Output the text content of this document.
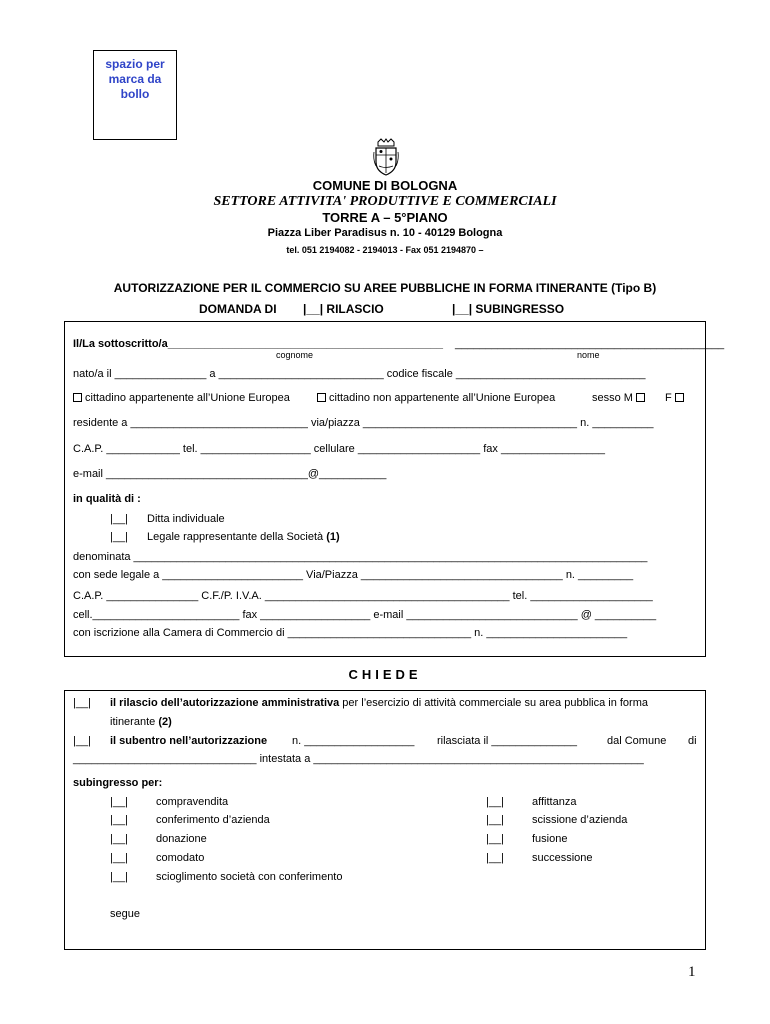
spazio per
marca da
bollo
COMUNE DI BOLOGNA
SETTORE ATTIVITA' PRODUTTIVE E COMMERCIALI
TORRE A – 5°PIANO
Piazza Liber Paradisus n. 10 - 40129 Bologna
tel. 051 2194082 - 2194013 - Fax 051 2194870 –
AUTORIZZAZIONE PER IL COMMERCIO SU AREE PUBBLICHE IN FORMA ITINERANTE (Tipo B)
DOMANDA DI |__| RILASCIO	|__| SUBINGRESSO
Il/La sottoscritto/a_____________________________________________ ____________________________________________
cognome	nome
nato/a il _______________ a ___________________________ codice fiscale _______________________________
cittadino appartenente all’Unione Europea	cittadino non appartenente all’Unione Europea	sesso M	F
residente a _____________________________ via/piazza ___________________________________ n. __________
C.A.P. ____________ tel. __________________ cellulare ____________________ fax _________________
e-mail _________________________________@___________
in qualità di :
|__| Ditta individuale
|__| Legale rappresentante della Società (1)
denominata ____________________________________________________________________________________
con sede legale a _______________________ Via/Piazza _________________________________ n. _________
C.A.P. _______________ C.F./P. I.V.A. ________________________________________ tel. ____________________
cell.________________________ fax __________________ e-mail ____________________________ @ __________
con iscrizione alla Camera di Commercio di ______________________________ n. _______________________
CHIEDE
|__| il rilascio dell’autorizzazione amministrativa per l’esercizio di attività commerciale su area pubblica in forma
itinerante (2)
|__| il subentro nell’autorizzazione n. __________________ rilasciata il ______________	dal Comune di
______________________________ intestata a ______________________________________________________
subingresso per:
|__|	compravendita
|__|	conferimento d’azienda
|__|	donazione
|__|	comodato
|__|	scioglimento società con conferimento
|__|	affittanza
|__|	scissione d’azienda
|__|	fusione
|__|	successione
segue
1
